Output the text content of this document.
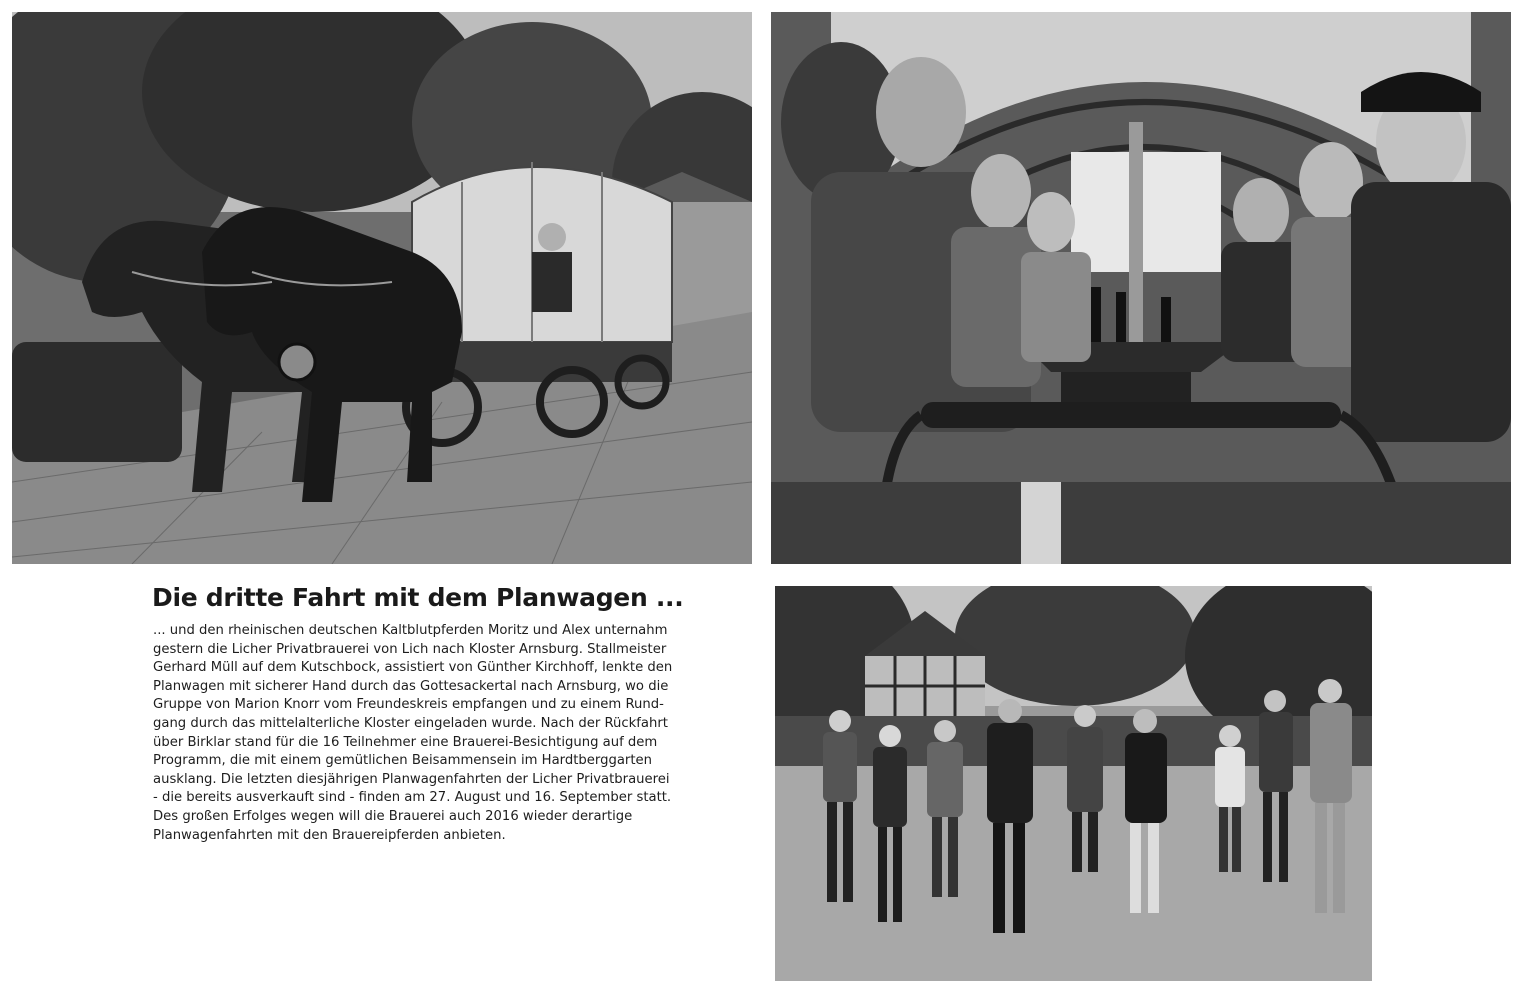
Die dritte Fahrt mit dem Planwagen ...

... und den rheinischen deutschen Kaltblutpferden Moritz und Alex unternahm
gestern die Licher Privatbrauerei von Lich nach Kloster Arnsburg. Stallmeister
Gerhard Müll auf dem Kutschbock, assistiert von Günther Kirchhoff, lenkte den
Planwagen mit sicherer Hand durch das Gottesackertal nach Arnsburg, wo die
Gruppe von Marion Knorr vom Freundeskreis empfangen und zu einem Rund-
gang durch das mittelalterliche Kloster eingeladen wurde. Nach der Rückfahrt
über Birklar stand für die 16 Teilnehmer eine Brauerei-Besichtigung auf dem
Programm, die mit einem gemütlichen Beisammensein im Hardtberggarten
ausklang. Die letzten diesjährigen Planwagenfahrten der Licher Privatbrauerei
- die bereits ausverkauft sind - finden am 27. August und 16. September statt.
Des großen Erfolges wegen will die Brauerei auch 2016 wieder derartige
Planwagenfahrten mit den Brauereipferden anbieten.
